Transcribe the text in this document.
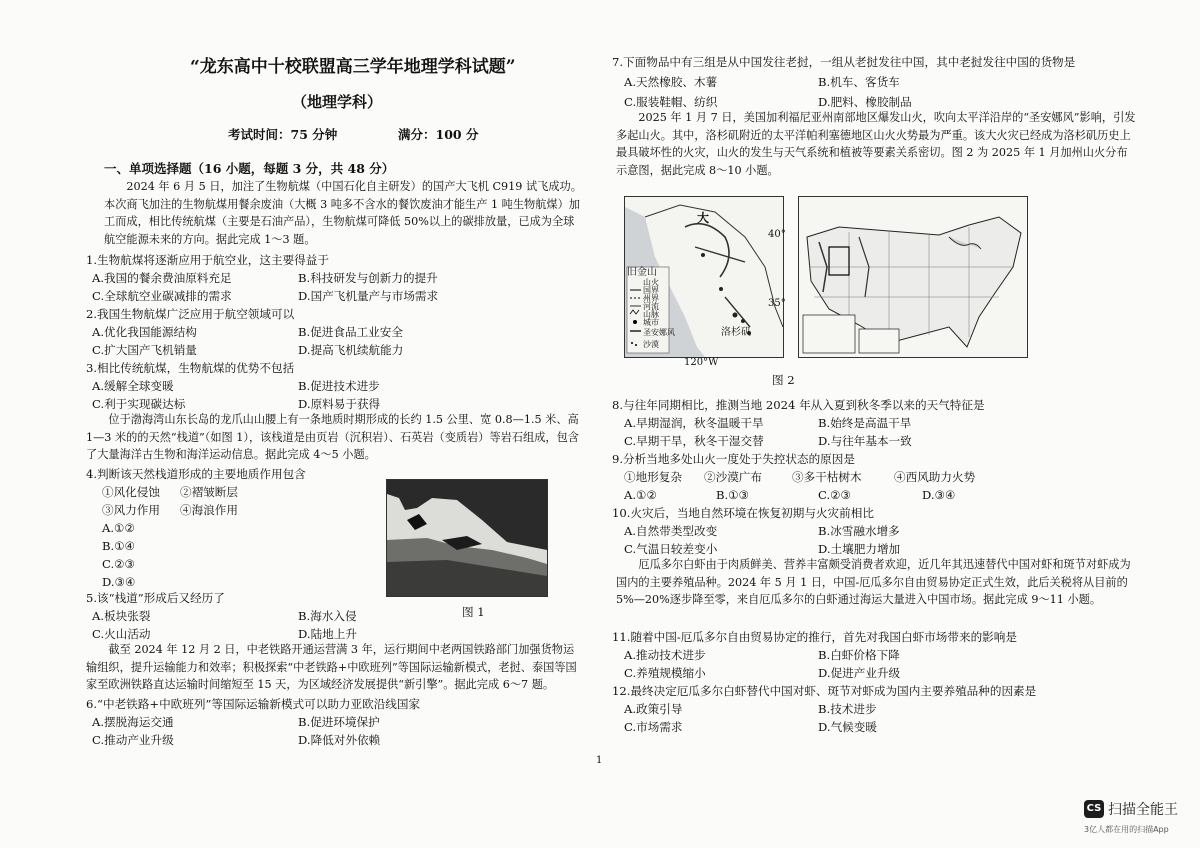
“龙东高中十校联盟高三学年地理学科试题”
（地理学科）
考试时间：75 分钟	满分：100 分
一、单项选择题（16 小题，每题 3 分，共 48 分）
2024 年 6 月 5 日，加注了生物航煤（中国石化自主研发）的国产大飞机 C919 试飞成功。本次商飞加注的生物航煤用餐余废油（大概 3 吨多不含水的餐饮废油才能生产 1 吨生物航煤）加工而成，相比传统航煤（主要是石油产品），生物航煤可降低 50%以上的碳排放量，已成为全球航空能源未来的方向。据此完成 1～3 题。
1.生物航煤将逐渐应用于航空业，这主要得益于
A.我国的餐余费油原料充足	B.科技研发与创新力的提升
C.全球航空业碳减排的需求	D.国产飞机量产与市场需求
2.我国生物航煤广泛应用于航空领域可以
A.优化我国能源结构	B.促进食品工业安全
C.扩大国产飞机销量	D.提高飞机续航能力
3.相比传统航煤，生物航煤的优势不包括
A.缓解全球变暖	B.促进技术进步
C.利于实现碳达标	D.原料易于获得
位于渤海湾山东长岛的龙爪山山腰上有一条地质时期形成的长约 1.5 公里、宽 0.8—1.5 米、高 1—3 米的的天然“栈道”（如图 1），该栈道是由页岩（沉积岩）、石英岩（变质岩）等岩石组成，包含了大量海洋古生物和海洋运动信息。据此完成 4～5 小题。
4.判断该天然栈道形成的主要地质作用包含
①风化侵蚀 ②褶皱断层
③风力作用 ④海浪作用
A.①②
B.①④
C.②③
D.③④
图 1
5.该“栈道”形成后又经历了
A.板块张裂	B.海水入侵
C.火山活动	D.陆地上升
截至 2024 年 12 月 2 日，中老铁路开通运营满 3 年，运行期间中老两国铁路部门加强货物运输组织，提升运输能力和效率；积极探索“中老铁路+中欧班列”等国际运输新模式，老挝、泰国等国家至欧洲铁路直达运输时间缩短至 15 天，为区域经济发展提供“新引擎”。据此完成 6～7 题。
6.“中老铁路+中欧班列”等国际运输新模式可以助力亚欧沿线国家
A.摆脱海运交通	B.促进环境保护
C.推动产业升级	D.降低对外依赖
1
7.下面物品中有三组是从中国发往老挝，一组从老挝发往中国，其中老挝发往中国的货物是
A.天然橡胶、木薯	B.机车、客货车
C.服装鞋帽、纺织	D.肥料、橡胶制品
2025 年 1 月 7 日，美国加利福尼亚州南部地区爆发山火，吹向太平洋沿岸的“圣安娜风”影响，引发多起山火。其中，洛杉矶附近的太平洋帕利塞德地区山火火势最为严重。该大火灾已经成为洛杉矶历史上最具破坏性的火灾，山火的发生与天气系统和植被等要素关系密切。图 2 为 2025 年 1 月加州山火分布示意图，据此完成 8～10 小题。
大
旧金山
山火
国界
州界
河流
山脉
城市
圣安娜风
沙漠
洛杉矶
40°
35°
120°W
图 2
8.与往年同期相比，推测当地 2024 年从入夏到秋冬季以来的天气特征是
A.早期湿润，秋冬温暖干旱	B.始终是高温干旱
C.早期干旱，秋冬干湿交替	D.与往年基本一致
9.分析当地多处山火一度处于失控状态的原因是
①地形复杂 ②沙漠广布	③多干枯树木	④西风助力火势
A.①②	B.①③	C.②③	D.③④
10.火灾后，当地自然环境在恢复初期与火灾前相比
A.自然带类型改变	B.冰雪融水增多
C.气温日较差变小	D.土壤肥力增加
厄瓜多尔白虾由于肉质鲜美、营养丰富颇受消费者欢迎，近几年其迅速替代中国对虾和斑节对虾成为国内的主要养殖品种。2024 年 5 月 1 日，中国-厄瓜多尔自由贸易协定正式生效，此后关税将从目前的 5%—20%逐步降至零，来自厄瓜多尔的白虾通过海运大量进入中国市场。据此完成 9～11 小题。
11.随着中国-厄瓜多尔自由贸易协定的推行，首先对我国白虾市场带来的影响是
A.推动技术进步	B.白虾价格下降
C.养殖规模缩小	D.促进产业升级
12.最终决定厄瓜多尔白虾替代中国对虾、斑节对虾成为国内主要养殖品种的因素是
A.政策引导	B.技术进步
C.市场需求	D.气候变暖
CS 扫描全能王
3亿人都在用的扫描App
